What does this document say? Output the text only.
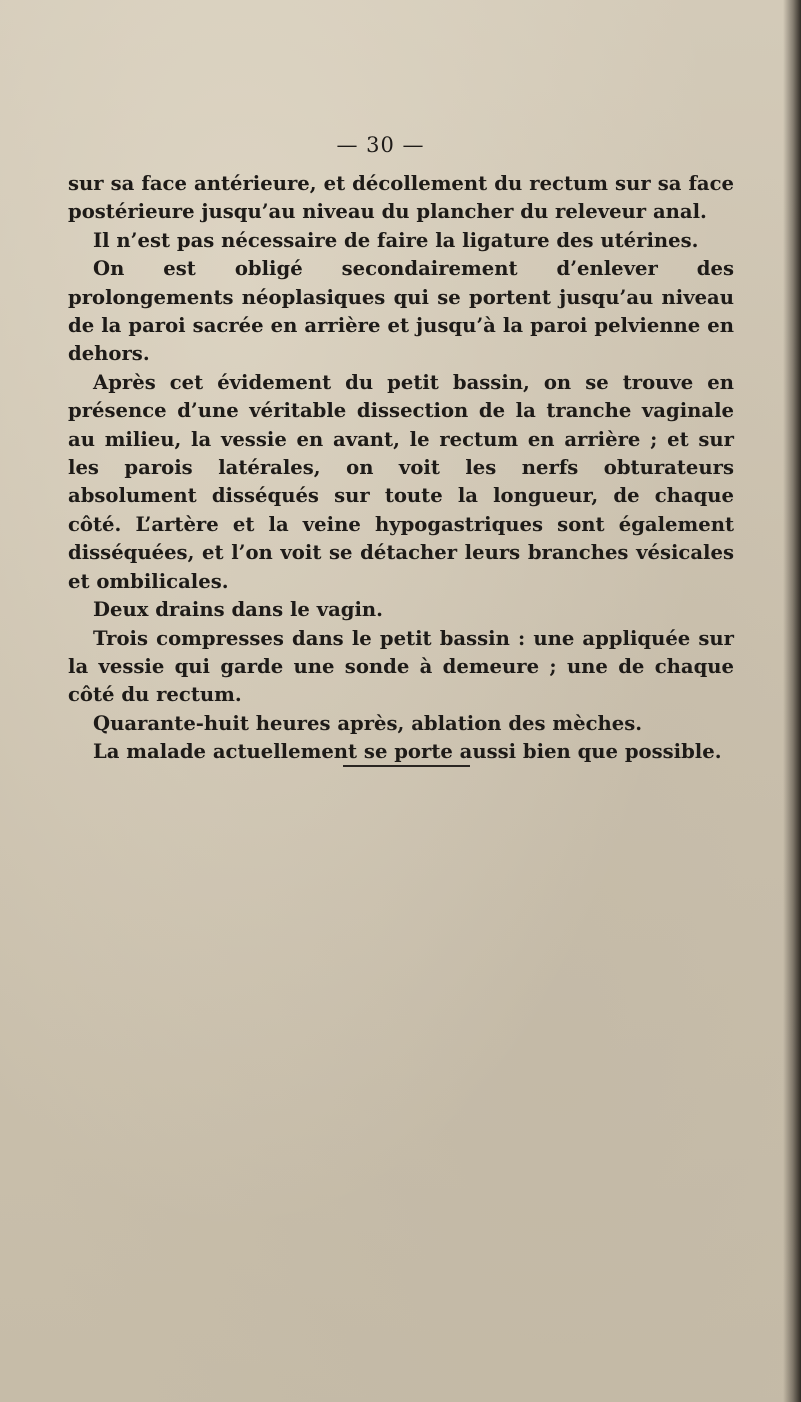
— 30 —

sur sa face antérieure, et décollement du rectum sur sa face postérieure jusqu’au niveau du plancher du releveur anal.

Il n’est pas nécessaire de faire la ligature des utérines.

On est obligé secondairement d’enlever des prolongements néoplasiques qui se portent jusqu’au niveau de la paroi sacrée en arrière et jusqu’à la paroi pelvienne en dehors.

Après cet évidement du petit bassin, on se trouve en présence d’une véritable dissection de la tranche vaginale au milieu, la vessie en avant, le rectum en arrière ; et sur les parois latérales, on voit les nerfs obturateurs absolument disséqués sur toute la longueur, de chaque côté. L’artère et la veine hypogastriques sont également disséquées, et l’on voit se détacher leurs branches vésicales et ombilicales.

Deux drains dans le vagin.

Trois compresses dans le petit bassin : une appliquée sur la vessie qui garde une sonde à demeure ; une de chaque côté du rectum.

Quarante-huit heures après, ablation des mèches.

La malade actuellement se porte aussi bien que possible.
